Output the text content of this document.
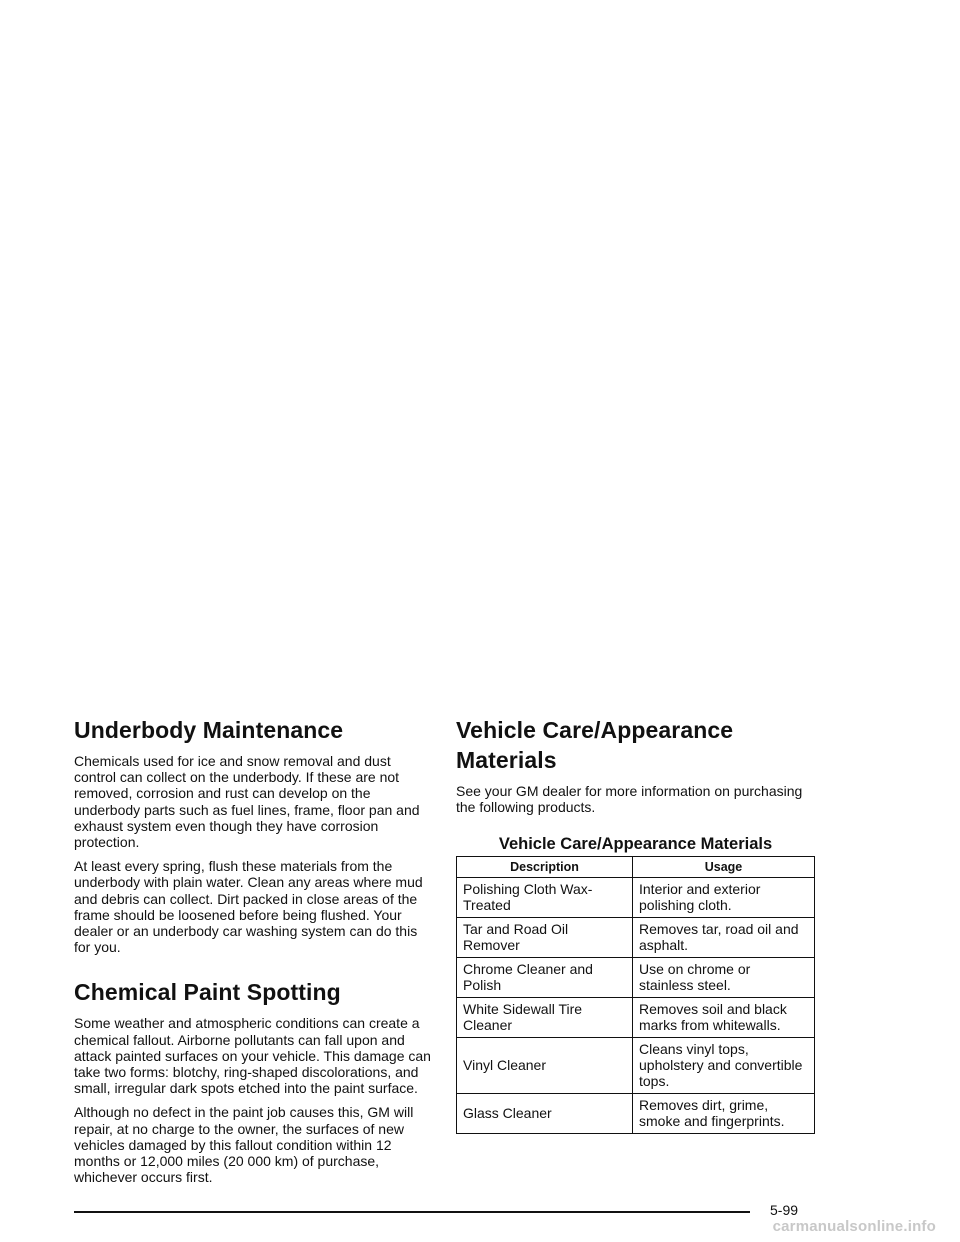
Underbody Maintenance

Chemicals used for ice and snow removal and dust control can collect on the underbody. If these are not removed, corrosion and rust can develop on the underbody parts such as fuel lines, frame, floor pan and exhaust system even though they have corrosion protection.

At least every spring, flush these materials from the underbody with plain water. Clean any areas where mud and debris can collect. Dirt packed in close areas of the frame should be loosened before being flushed. Your dealer or an underbody car washing system can do this for you.

Chemical Paint Spotting

Some weather and atmospheric conditions can create a chemical fallout. Airborne pollutants can fall upon and attack painted surfaces on your vehicle. This damage can take two forms: blotchy, ring-shaped discolorations, and small, irregular dark spots etched into the paint surface.

Although no defect in the paint job causes this, GM will repair, at no charge to the owner, the surfaces of new vehicles damaged by this fallout condition within 12 months or 12,000 miles (20 000 km) of purchase, whichever occurs first.

Vehicle Care/Appearance Materials

See your GM dealer for more information on purchasing the following products.

Vehicle Care/Appearance Materials
Description	Usage
Polishing Cloth Wax-Treated	Interior and exterior polishing cloth.
Tar and Road Oil Remover	Removes tar, road oil and asphalt.
Chrome Cleaner and Polish	Use on chrome or stainless steel.
White Sidewall Tire Cleaner	Removes soil and black marks from whitewalls.
Vinyl Cleaner	Cleans vinyl tops, upholstery and convertible tops.
Glass Cleaner	Removes dirt, grime, smoke and fingerprints.
5-99
carmanualsonline.info
